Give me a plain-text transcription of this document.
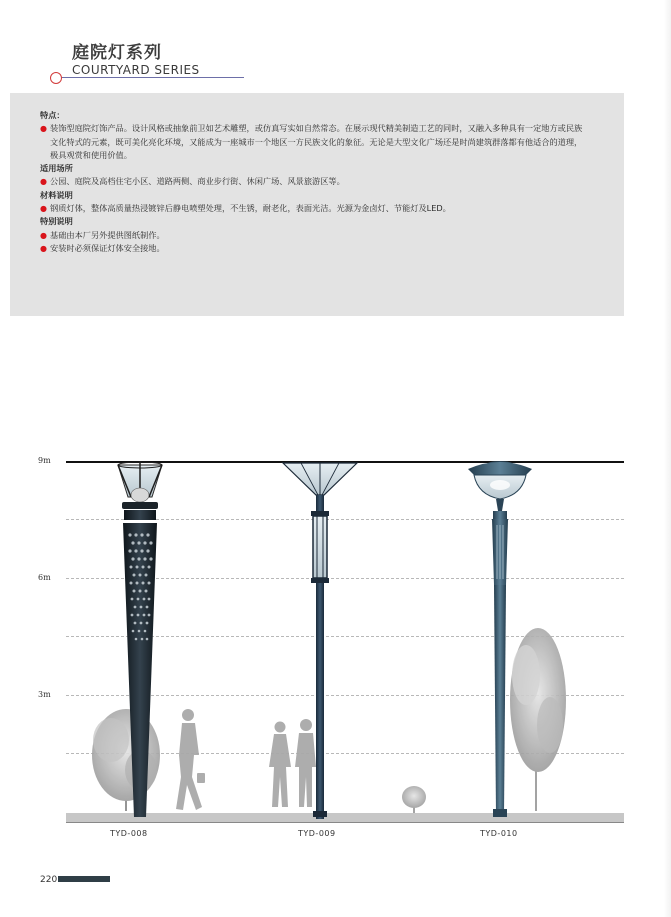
庭院灯系列
COURTYARD SERIES
特点：
● 装饰型庭院灯饰产品。设计风格或抽象前卫如艺术雕塑，或仿真写实如自然常态。在展示现代精美制造工艺的同时，又融入多种具有一定地方或民族文化特式的元素，既可美化亮化环境，又能成为一座城市一个地区一方民族文化的象征。无论是大型文化广场还是时尚建筑群落都有他适合的道理，极具观赏和使用价值。
适用场所
● 公园、庭院及高档住宅小区、道路两侧、商业步行街、休闲广场、风景旅游区等。
材料说明
● 钢质灯体，整体高质量热浸镀锌后静电喷塑处理，不生锈，耐老化，表面光洁。光源为金卤灯、节能灯及LED。
特别说明
● 基础由本厂另外提供图纸制作。
● 安装时必须保证灯体安全接地。
9m
6m
3m
TYD-008	TYD-009	TYD-010
220
